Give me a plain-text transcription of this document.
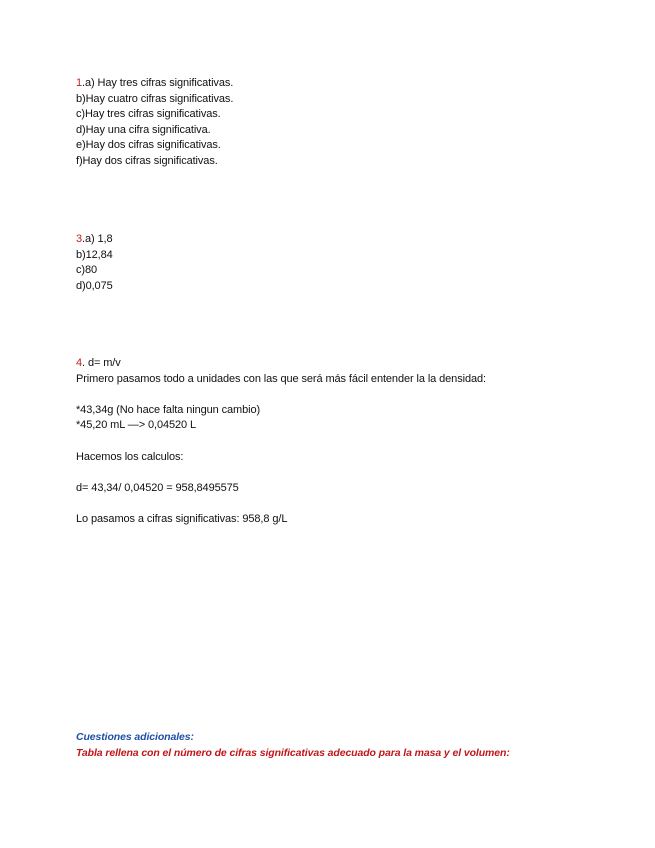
1.a) Hay tres cifras significativas.
b)Hay cuatro cifras significativas.
c)Hay tres cifras significativas.
d)Hay una cifra significativa.
e)Hay dos cifras significativas.
f)Hay dos cifras significativas.
3.a) 1,8
b)12,84
c)80
d)0,075
4. d= m/v
Primero pasamos todo a unidades con las que será más fácil entender la la densidad:
*43,34g (No hace falta ningun cambio)
*45,20 mL —> 0,04520 L
Hacemos los calculos:
d= 43,34/ 0,04520 = 958,8495575
Lo pasamos a cifras significativas: 958,8 g/L
Cuestiones adicionales:
Tabla rellena con el número de cifras significativas adecuado para la masa y el volumen:
